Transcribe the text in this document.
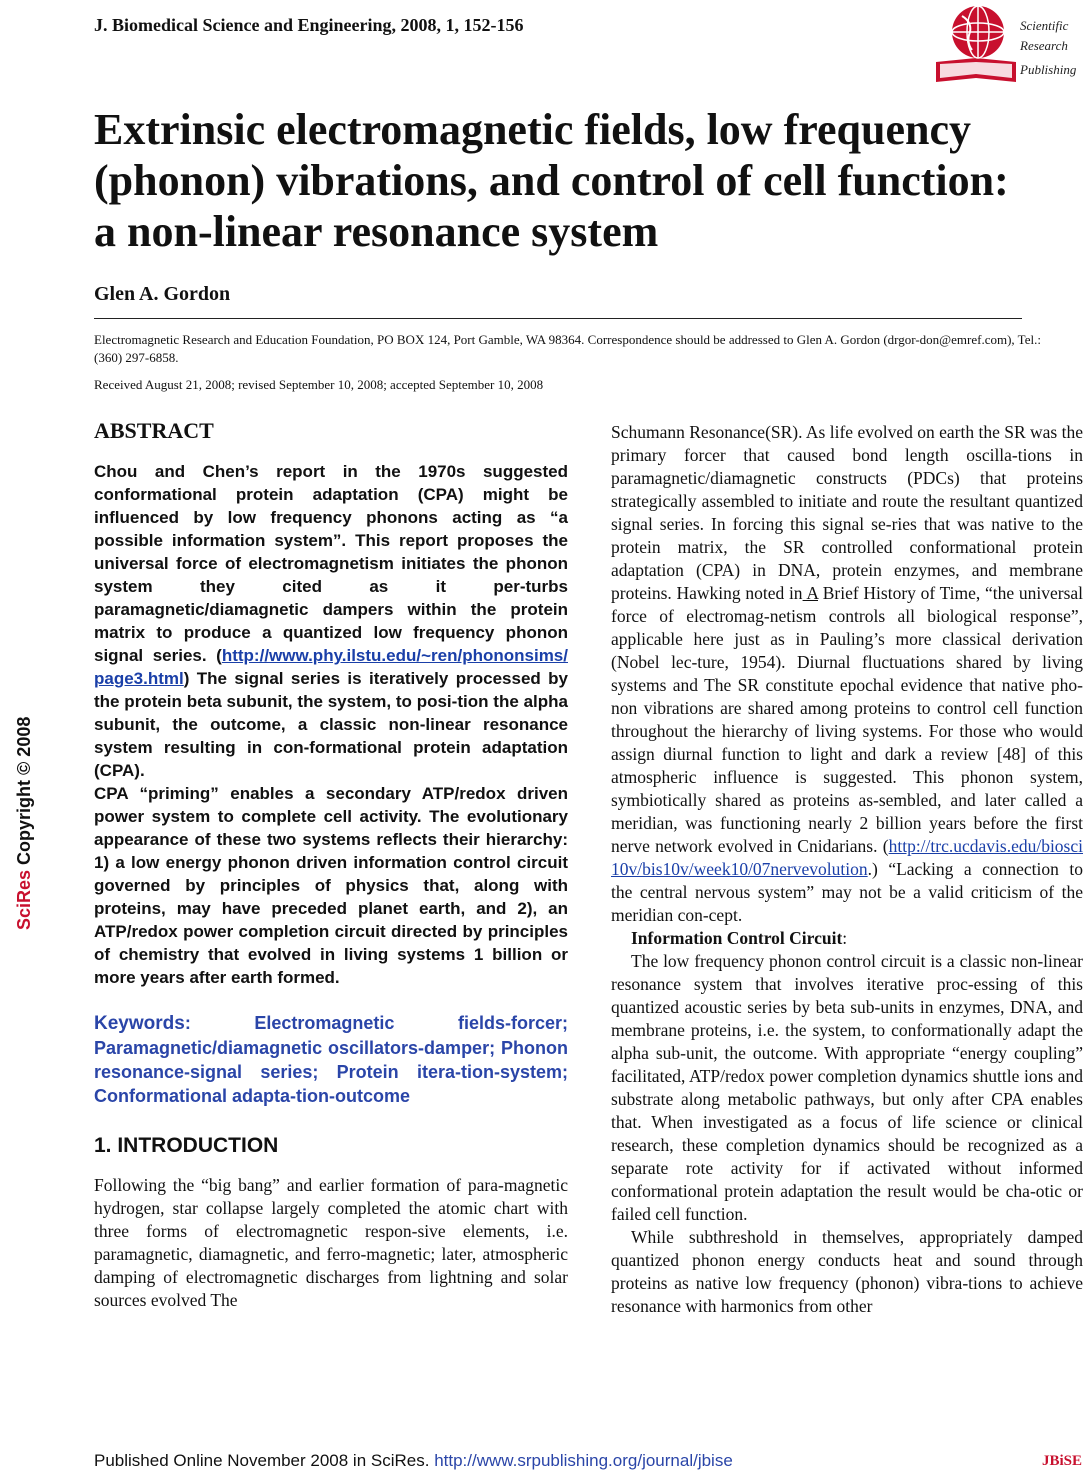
J. Biomedical Science and Engineering, 2008, 1, 152-156	Scientific
Research
Publishing
Extrinsic electromagnetic fields, low frequency
(phonon) vibrations, and control of cell function:
a non-linear resonance system
Glen A. Gordon
Electromagnetic Research and Education Foundation, PO BOX 124, Port Gamble, WA 98364. Correspondence should be addressed to Glen A. Gordon (drgor-don@emref.com), Tel.: (360) 297-6858.
Received August 21, 2008; revised September 10, 2008; accepted September 10, 2008
SciRes Copyright © 2008
ABSTRACT

Chou and Chen’s report in the 1970s suggested conformational protein adaptation (CPA) might be influenced by low frequency phonons acting as “a possible information system”. This report proposes the universal force of electromagnetism initiates the phonon system they cited as it per-turbs paramagnetic/diamagnetic dampers within the protein matrix to produce a quantized low frequency phonon signal series. (http://www.phy.ilstu.edu/~ren/phononsims/page3.html) The signal series is iteratively processed by the protein beta subunit, the system, to posi-tion the alpha subunit, the outcome, a classic non-linear resonance system resulting in con-formational protein adaptation (CPA).

CPA “priming” enables a secondary ATP/redox driven power system to complete cell activity. The evolutionary appearance of these two systems reflects their hierarchy: 1) a low energy phonon driven information control circuit governed by principles of physics that, along with proteins, may have preceded planet earth, and 2), an ATP/redox power completion circuit directed by principles of chemistry that evolved in living systems 1 billion or more years after earth formed.

Keywords: Electromagnetic fields-forcer; Paramagnetic/diamagnetic oscillators-damper; Phonon resonance-signal series; Protein itera-tion-system; Conformational adapta-tion-outcome
1. INTRODUCTION

Following the “big bang” and earlier formation of para-magnetic hydrogen, star collapse largely completed the atomic chart with three forms of electromagnetic respon-sive elements, i.e. paramagnetic, diamagnetic, and ferro-magnetic; later, atmospheric damping of electromagnetic discharges from lightning and solar sources evolved The

Schumann Resonance(SR). As life evolved on earth the SR was the primary forcer that caused bond length oscilla-tions in paramagnetic/diamagnetic constructs (PDCs) that proteins strategically assembled to initiate and route the resultant quantized signal series. In forcing this signal se-ries that was native to the protein matrix, the SR controlled conformational protein adaptation (CPA) in DNA, protein enzymes, and membrane proteins. Hawking noted in A Brief History of Time, “the universal force of electromag-netism controls all biological response”, applicable here just as in Pauling’s more classical derivation (Nobel lec-ture, 1954). Diurnal fluctuations shared by living systems and The SR constitute epochal evidence that native pho-non vibrations are shared among proteins to control cell function throughout the hierarchy of living systems. For those who would assign diurnal function to light and dark a review [48] of this atmospheric influence is suggested. This phonon system, symbiotically shared as proteins as-sembled, and later called a meridian, was functioning nearly 2 billion years before the first nerve network evolved in Cnidarians. (http://trc.ucdavis.edu/biosci10v/bis10v/week10/07nervevolution.) “Lacking a connection to the central nervous system” may not be a valid criticism of the meridian con-cept.

Information Control Circuit:

The low frequency phonon control circuit is a classic non-linear resonance system that involves iterative proc-essing of this quantized acoustic series by beta sub-units in enzymes, DNA, and membrane proteins, i.e. the system, to conformationally adapt the alpha sub-unit, the outcome. With appropriate “energy coupling” facilitated, ATP/redox power completion dynamics shuttle ions and substrate along metabolic pathways, but only after CPA enables that. When investigated as a focus of life science or clinical research, these completion dynamics should be recognized as a separate rote activity for if activated without informed conformational protein adaptation the result would be cha-otic or failed cell function.

While subthreshold in themselves, appropriately damped quantized phonon energy conducts heat and sound through proteins as native low frequency (phonon) vibra-tions to achieve resonance with harmonics from other

Published Online November 2008 in SciRes. http://www.srpublishing.org/journal/jbise	JBiSE
